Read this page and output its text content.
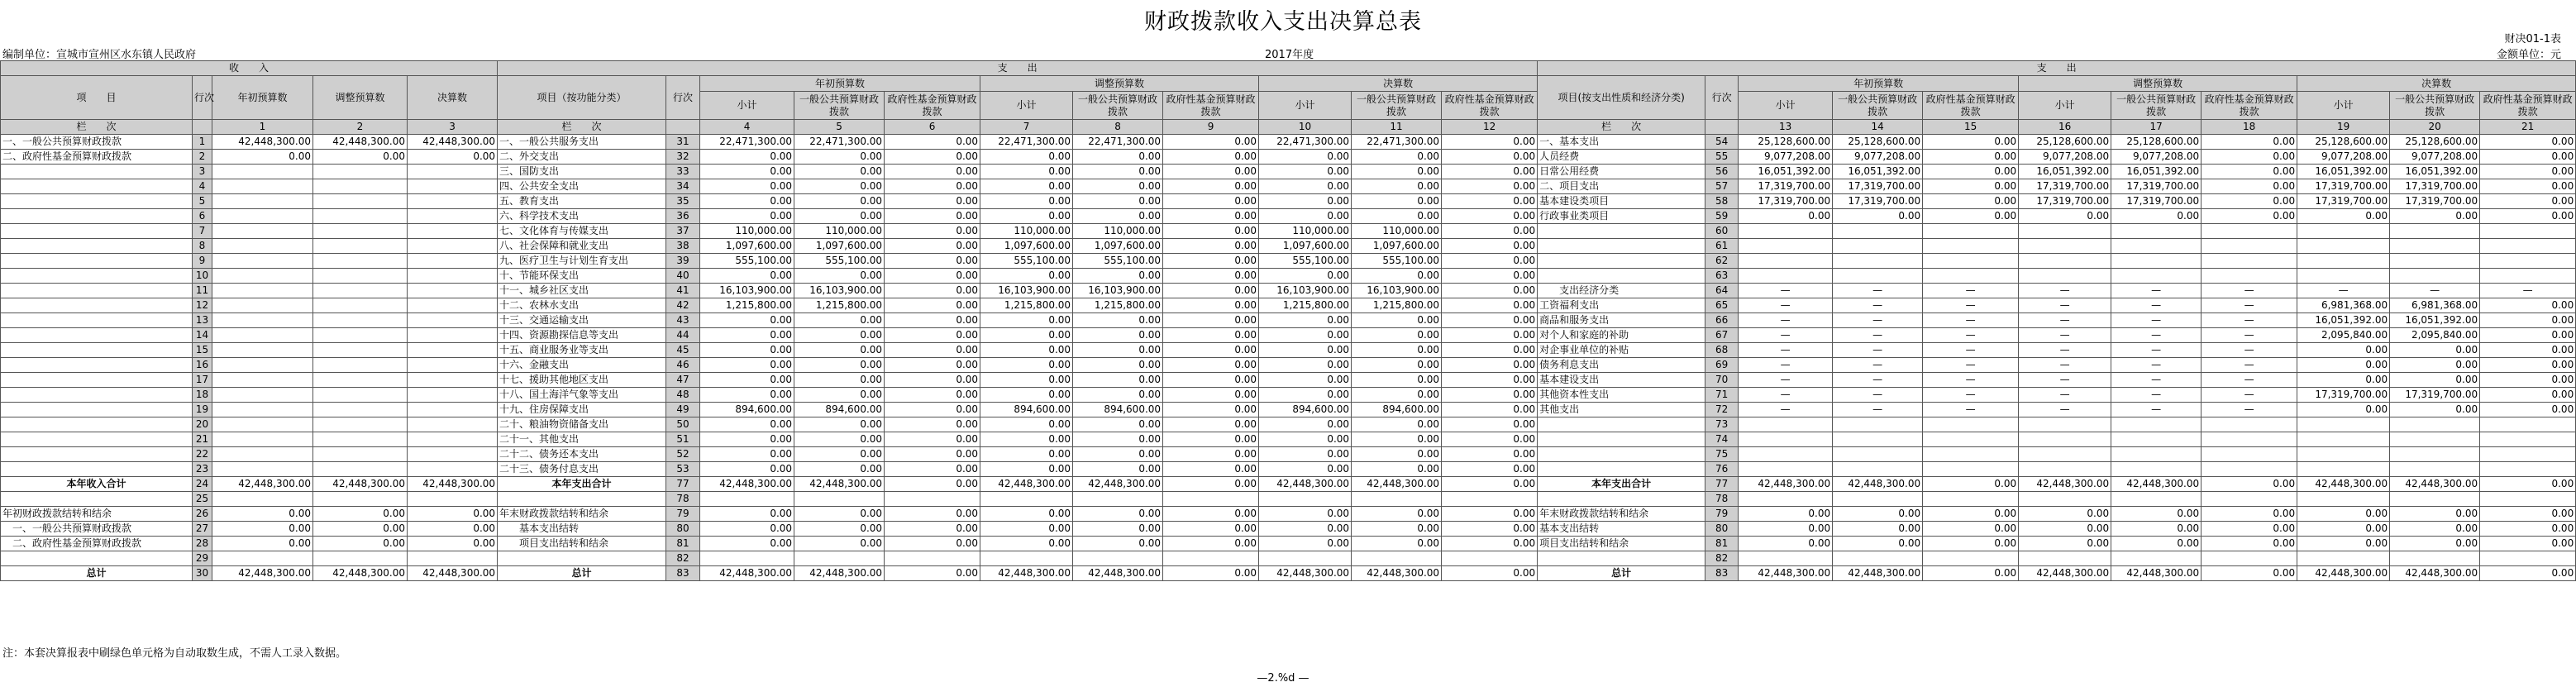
财政拨款收入支出决算总表
财决01-1表
编制单位：宣城市宣州区水东镇人民政府	2017年度	金额单位：元
收　　入					支　　出											支　　出										
项　　目	行次	年初预算数	调整预算数	决算数	项目（按功能分类）	行次	年初预算数			调整预算数			决算数			项目(按支出性质和经济分类)	行次	年初预算数			调整预算数			决算数		
							小计	一般公共预算财政拨款	政府性基金预算财政拨款	小计	一般公共预算财政拨款	政府性基金预算财政拨款	小计	一般公共预算财政拨款	政府性基金预算财政拨款			小计	一般公共预算财政拨款	政府性基金预算财政拨款	小计	一般公共预算财政拨款	政府性基金预算财政拨款	小计	一般公共预算财政拨款	政府性基金预算财政拨款
栏　　次		1	2	3	栏　　次		4	5	6	7	8	9	10	11	12	栏　　次		13	14	15	16	17	18	19	20	21
一、一般公共预算财政拨款	1	42,448,300.00	42,448,300.00	42,448,300.00	一、一般公共服务支出	31	22,471,300.00	22,471,300.00	0.00	22,471,300.00	22,471,300.00	0.00	22,471,300.00	22,471,300.00	0.00	一、基本支出	54	25,128,600.00	25,128,600.00	0.00	25,128,600.00	25,128,600.00	0.00	25,128,600.00	25,128,600.00	0.00
二、政府性基金预算财政拨款	2	0.00	0.00	0.00	二、外交支出	32	0.00	0.00	0.00	0.00	0.00	0.00	0.00	0.00	0.00	人员经费	55	9,077,208.00	9,077,208.00	0.00	9,077,208.00	9,077,208.00	0.00	9,077,208.00	9,077,208.00	0.00
	3				三、国防支出	33	0.00	0.00	0.00	0.00	0.00	0.00	0.00	0.00	0.00	日常公用经费	56	16,051,392.00	16,051,392.00	0.00	16,051,392.00	16,051,392.00	0.00	16,051,392.00	16,051,392.00	0.00
	4				四、公共安全支出	34	0.00	0.00	0.00	0.00	0.00	0.00	0.00	0.00	0.00	二、项目支出	57	17,319,700.00	17,319,700.00	0.00	17,319,700.00	17,319,700.00	0.00	17,319,700.00	17,319,700.00	0.00
	5				五、教育支出	35	0.00	0.00	0.00	0.00	0.00	0.00	0.00	0.00	0.00	基本建设类项目	58	17,319,700.00	17,319,700.00	0.00	17,319,700.00	17,319,700.00	0.00	17,319,700.00	17,319,700.00	0.00
	6				六、科学技术支出	36	0.00	0.00	0.00	0.00	0.00	0.00	0.00	0.00	0.00	行政事业类项目	59	0.00	0.00	0.00	0.00	0.00	0.00	0.00	0.00	0.00
	7				七、文化体育与传媒支出	37	110,000.00	110,000.00	0.00	110,000.00	110,000.00	0.00	110,000.00	110,000.00	0.00		60									
	8				八、社会保障和就业支出	38	1,097,600.00	1,097,600.00	0.00	1,097,600.00	1,097,600.00	0.00	1,097,600.00	1,097,600.00	0.00		61									
	9				九、医疗卫生与计划生育支出	39	555,100.00	555,100.00	0.00	555,100.00	555,100.00	0.00	555,100.00	555,100.00	0.00		62									
	10				十、节能环保支出	40	0.00	0.00	0.00	0.00	0.00	0.00	0.00	0.00	0.00		63									
	11				十一、城乡社区支出	41	16,103,900.00	16,103,900.00	0.00	16,103,900.00	16,103,900.00	0.00	16,103,900.00	16,103,900.00	0.00	　　支出经济分类	64	—	—	—	—	—	—	—	—	—
	12				十二、农林水支出	42	1,215,800.00	1,215,800.00	0.00	1,215,800.00	1,215,800.00	0.00	1,215,800.00	1,215,800.00	0.00	工资福利支出	65	—	—	—	—	—	—	6,981,368.00	6,981,368.00	0.00
	13				十三、交通运输支出	43	0.00	0.00	0.00	0.00	0.00	0.00	0.00	0.00	0.00	商品和服务支出	66	—	—	—	—	—	—	16,051,392.00	16,051,392.00	0.00
	14				十四、资源勘探信息等支出	44	0.00	0.00	0.00	0.00	0.00	0.00	0.00	0.00	0.00	对个人和家庭的补助	67	—	—	—	—	—	—	2,095,840.00	2,095,840.00	0.00
	15				十五、商业服务业等支出	45	0.00	0.00	0.00	0.00	0.00	0.00	0.00	0.00	0.00	对企事业单位的补贴	68	—	—	—	—	—	—	0.00	0.00	0.00
	16				十六、金融支出	46	0.00	0.00	0.00	0.00	0.00	0.00	0.00	0.00	0.00	债务利息支出	69	—	—	—	—	—	—	0.00	0.00	0.00
	17				十七、援助其他地区支出	47	0.00	0.00	0.00	0.00	0.00	0.00	0.00	0.00	0.00	基本建设支出	70	—	—	—	—	—	—	0.00	0.00	0.00
	18				十八、国土海洋气象等支出	48	0.00	0.00	0.00	0.00	0.00	0.00	0.00	0.00	0.00	其他资本性支出	71	—	—	—	—	—	—	17,319,700.00	17,319,700.00	0.00
	19				十九、住房保障支出	49	894,600.00	894,600.00	0.00	894,600.00	894,600.00	0.00	894,600.00	894,600.00	0.00	其他支出	72	—	—	—	—	—	—	0.00	0.00	0.00
	20				二十、粮油物资储备支出	50	0.00	0.00	0.00	0.00	0.00	0.00	0.00	0.00	0.00		73									
	21				二十一、其他支出	51	0.00	0.00	0.00	0.00	0.00	0.00	0.00	0.00	0.00		74									
	22				二十二、债务还本支出	52	0.00	0.00	0.00	0.00	0.00	0.00	0.00	0.00	0.00		75									
	23				二十三、债务付息支出	53	0.00	0.00	0.00	0.00	0.00	0.00	0.00	0.00	0.00		76									
本年收入合计	24	42,448,300.00	42,448,300.00	42,448,300.00	本年支出合计	77	42,448,300.00	42,448,300.00	0.00	42,448,300.00	42,448,300.00	0.00	42,448,300.00	42,448,300.00	0.00	本年支出合计	77	42,448,300.00	42,448,300.00	0.00	42,448,300.00	42,448,300.00	0.00	42,448,300.00	42,448,300.00	0.00
	25					78											78									
年初财政拨款结转和结余	26	0.00	0.00	0.00	年末财政拨款结转和结余	79	0.00	0.00	0.00	0.00	0.00	0.00	0.00	0.00	0.00	年末财政拨款结转和结余	79	0.00	0.00	0.00	0.00	0.00	0.00	0.00	0.00	0.00
　一、一般公共预算财政拨款	27	0.00	0.00	0.00	　　基本支出结转	80	0.00	0.00	0.00	0.00	0.00	0.00	0.00	0.00	0.00	基本支出结转	80	0.00	0.00	0.00	0.00	0.00	0.00	0.00	0.00	0.00
　二、政府性基金预算财政拨款	28	0.00	0.00	0.00	　　项目支出结转和结余	81	0.00	0.00	0.00	0.00	0.00	0.00	0.00	0.00	0.00	项目支出结转和结余	81	0.00	0.00	0.00	0.00	0.00	0.00	0.00	0.00	0.00
	29					82											82									
总计	30	42,448,300.00	42,448,300.00	42,448,300.00	总计	83	42,448,300.00	42,448,300.00	0.00	42,448,300.00	42,448,300.00	0.00	42,448,300.00	42,448,300.00	0.00	总计	83	42,448,300.00	42,448,300.00	0.00	42,448,300.00	42,448,300.00	0.00	42,448,300.00	42,448,300.00	0.00
注：本套决算报表中刷绿色单元格为自动取数生成，不需人工录入数据。
—2.%d —
